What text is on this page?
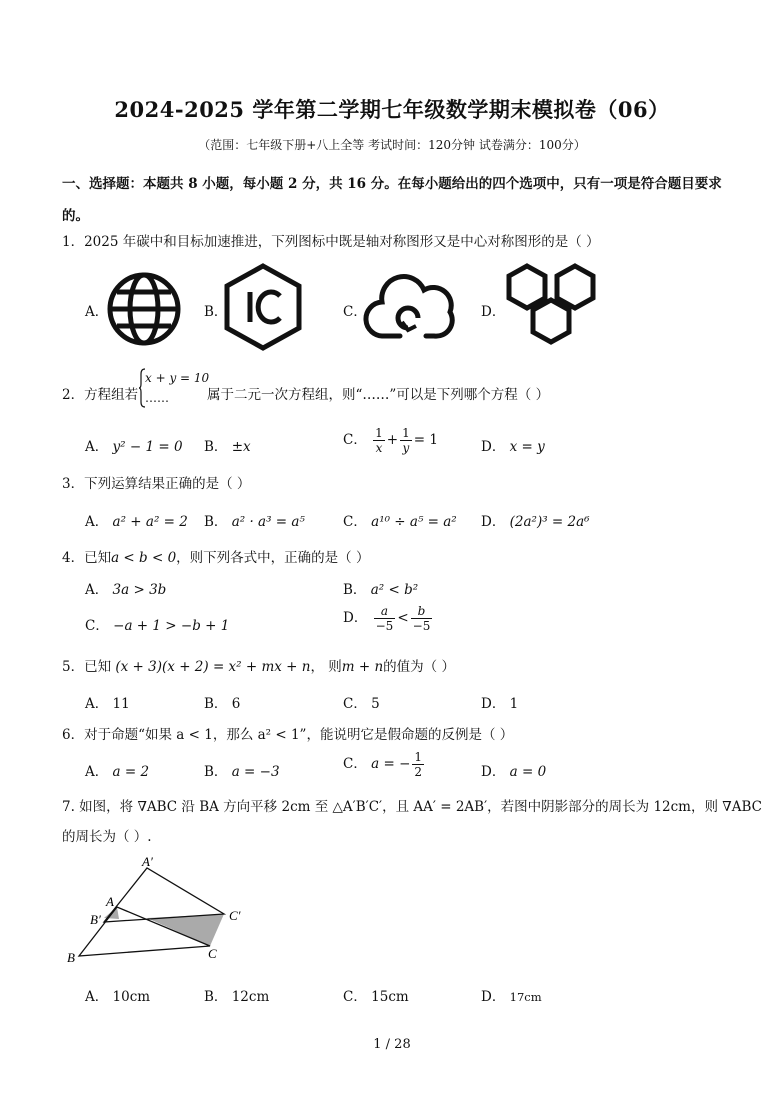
2024-2025 学年第二学期七年级数学期末模拟卷（06）
（范围：七年级下册+八上全等 考试时间：120分钟 试卷满分：100分）
一、选择题：本题共 8 小题，每小题 2 分，共 16 分。在每小题给出的四个选项中，只有一项是符合题目要求的。
1．2025 年碳中和目标加速推进，下列图标中既是轴对称图形又是中心对称图形的是（ ）
A．	B．	C．	D．
2．方程组若
x + y = 10
……	属于二元一次方程组，则“……”可以是下列哪个方程（ ）
A． y² − 1 = 0 B． ±x	C． $\frac{1}{x} + \frac{1}{y} = 1$	D． x = y
3．下列运算结果正确的是（ ）
A． a² + a² = 2 B． a² · a³ = a⁵	C． a¹⁰ ÷ a⁵ = a² D． (2a²)³ = 2a⁶
4．已知a < b < 0，则下列各式中，正确的是（ ）
A． 3a > 3b	B． a² < b²
C． −a + 1 > −b + 1	D． $\frac{a}{-5} < \frac{b}{-5}$
5．已知 (x + 3)(x + 2) = x² + mx + n， 则m + n的值为（ ）
A． 11	B． 6	C． 5	D． 1
6．对于命题“如果 a < 1，那么 a² < 1”，能说明它是假命题的反例是（ ）
A． a = 2	B． a = −3	C． a = − $\frac{1}{2}$	D． a = 0
7. 如图，将 ∇ABC 沿 BA 方向平移 2cm 至 △A′B′C′，且 AA′ = 2AB′，若图中阴影部分的周长为 12cm，则 ∇ABC
的周长为（ ）.
A′
A
B′	C′
B	C
A． 10cm	B． 12cm	C． 15cm	D． 17cm
1 / 28
